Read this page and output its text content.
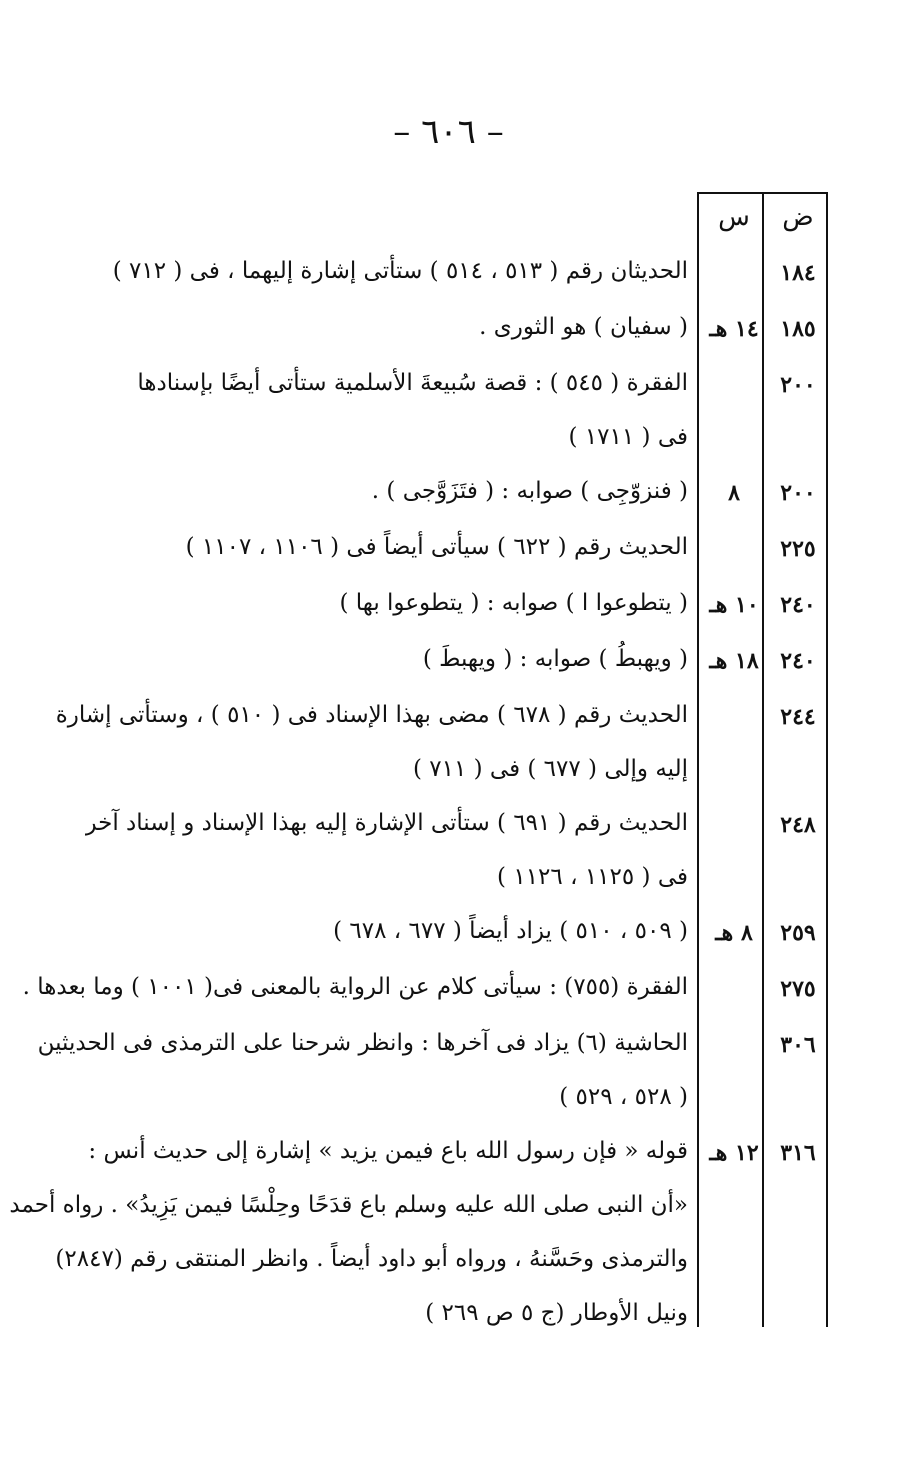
– ٦٠٦ –
ض
س
١٨٤
الحديثان رقم ( ٥١٣ ، ٥١٤ ) ستأتى إشارة إليهما ، فى ( ٧١٢ )
١٨٥
١٤ هـ
( سفيان ) هو الثورى .
٢٠٠
الفقرة ( ٥٤٥ ) : قصة سُبيعةَ الأسلمية ستأتى أيضًا بإسنادها
فى ( ١٧١١ )
٢٠٠
٨
( فنزوّجِى ) صوابه : ( فتَزَوَّجى ) .
٢٢٥
الحديث رقم ( ٦٢٢ ) سيأتى أيضاً فى ( ١١٠٦ ، ١١٠٧ )
٢٤٠
١٠ هـ
( يتطوعوا ا ) صوابه : ( يتطوعوا بها )
٢٤٠
١٨ هـ
( ويهبطُ ) صوابه : ( ويهبطَ )
٢٤٤
الحديث رقم ( ٦٧٨ ) مضى بهذا الإسناد فى ( ٥١٠ ) ، وستأتى إشارة
إليه وإلى ( ٦٧٧ ) فى ( ٧١١ )
٢٤٨
الحديث رقم ( ٦٩١ ) ستأتى الإشارة إليه بهذا الإسناد و إسناد آخر
فى ( ١١٢٥ ، ١١٢٦ )
٢٥٩
٨ هـ
( ٥٠٩ ، ٥١٠ ) يزاد أيضاً ( ٦٧٧ ، ٦٧٨ )
٢٧٥
الفقرة (٧٥٥) : سيأتى كلام عن الرواية بالمعنى فى( ١٠٠١ ) وما بعدها .
٣٠٦
الحاشية (٦) يزاد فى آخرها : وانظر شرحنا على الترمذى فى الحديثين
( ٥٢٨ ، ٥٢٩ )
٣١٦
١٢ هـ
قوله « فإن رسول الله باع فيمن يزيد » إشارة إلى حديث أنس :
«أن النبى صلى الله عليه وسلم باع قدَحًا وحِلْسًا فيمن يَزِيدُ» . رواه أحمد
والترمذى وحَسَّنهُ ، ورواه أبو داود أيضاً . وانظر المنتقى رقم (٢٨٤٧)
ونيل الأوطار (ج ٥ ص ٢٦٩ )
